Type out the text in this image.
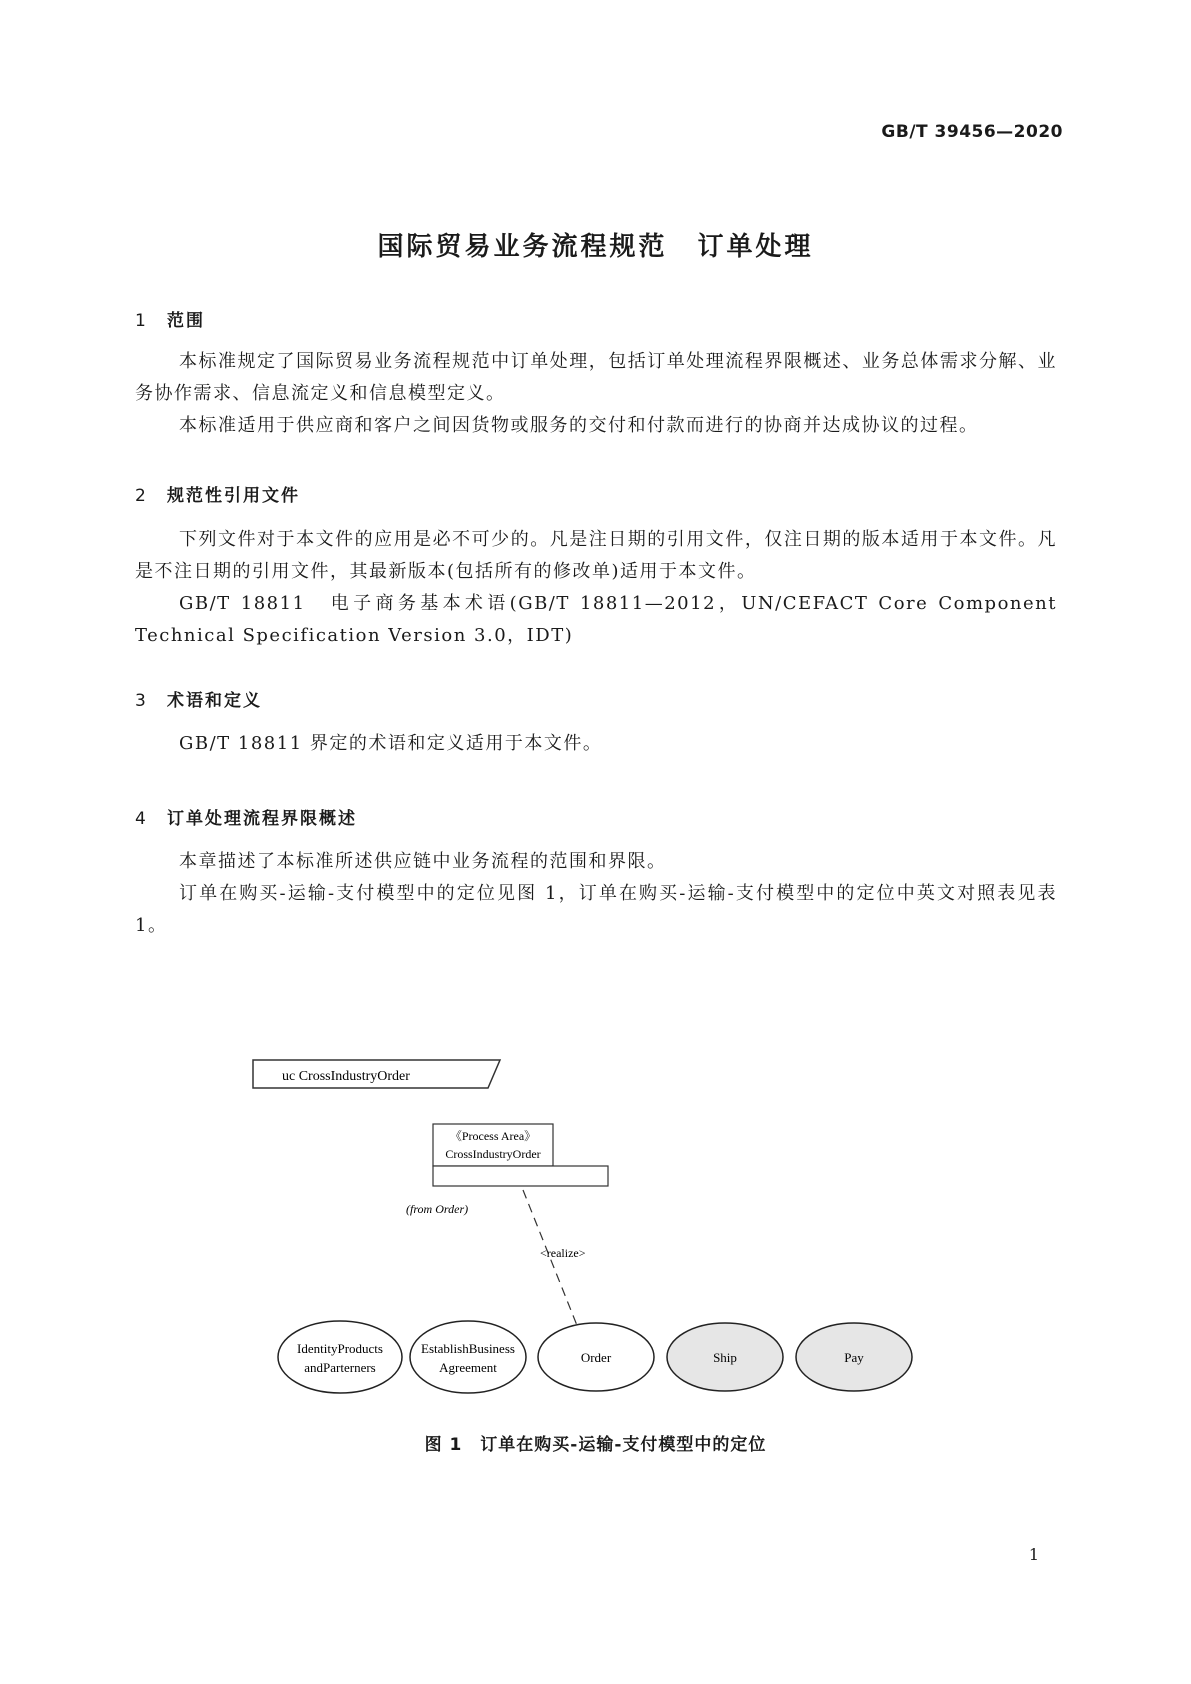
GB/T 39456—2020
国际贸易业务流程规范 订单处理
1 范围

本标准规定了国际贸易业务流程规范中订单处理，包括订单处理流程界限概述、业务总体需求分解、业务协作需求、信息流定义和信息模型定义。

本标准适用于供应商和客户之间因货物或服务的交付和付款而进行的协商并达成协议的过程。

2 规范性引用文件

下列文件对于本文件的应用是必不可少的。凡是注日期的引用文件，仅注日期的版本适用于本文件。凡是不注日期的引用文件，其最新版本(包括所有的修改单)适用于本文件。

GB/T 18811　电子商务基本术语(GB/T 18811—2012，UN/CEFACT Core Component Technical Specification Version 3.0，IDT)

3 术语和定义

GB/T 18811 界定的术语和定义适用于本文件。

4 订单处理流程界限概述

本章描述了本标准所述供应链中业务流程的范围和界限。

订单在购买-运输-支付模型中的定位见图 1，订单在购买-运输-支付模型中的定位中英文对照表见表 1。

uc CrossIndustryOrder
《Process Area》
CrossIndustryOrder
(from Order)
<realize>
IdentityProducts
andParterners
EstablishBusiness
Agreement
Order	Ship	Pay
图 1　订单在购买-运输-支付模型中的定位
1
